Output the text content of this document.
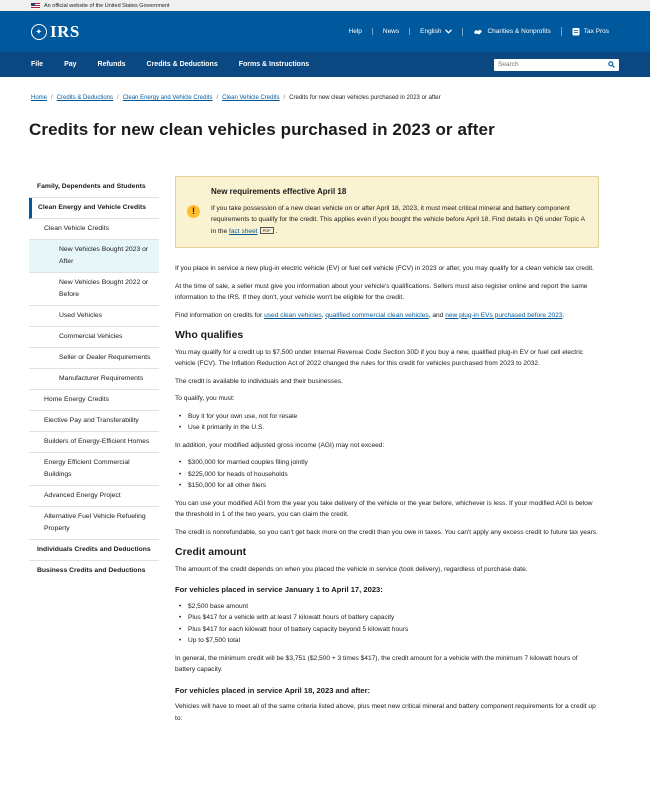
An official website of the United States Government
✦ IRS	Help	News	English	Charities & Nonprofits	Tax Pros
File	Pay	Refunds	Credits & Deductions	Forms & Instructions	Search
Home / Credits & Deductions / Clean Energy and Vehicle Credits / Clean Vehicle Credits / Credits for new clean vehicles purchased in 2023 or after
Credits for new clean vehicles purchased in 2023 or after
Family, Dependents and Students
Clean Energy and Vehicle Credits
Clean Vehicle Credits
New Vehicles Bought 2023 or After
New Vehicles Bought 2022 or Before
Used Vehicles
Commercial Vehicles
Seller or Dealer Requirements
Manufacturer Requirements
Home Energy Credits
Elective Pay and Transferability
Builders of Energy-Efficient Homes
Energy Efficient Commercial Buildings
Advanced Energy Project
Alternative Fuel Vehicle Refueling Property
Individuals Credits and Deductions
Business Credits and Deductions
!
New requirements effective April 18

If you take possession of a new clean vehicle on or after April 18, 2023, it must meet critical mineral and battery component requirements to qualify for the credit. This applies even if you bought the vehicle before April 18. Find details in Q6 under Topic A in the fact sheet PDF .

If you place in service a new plug-in electric vehicle (EV) or fuel cell vehicle (FCV) in 2023 or after, you may qualify for a clean vehicle tax credit.

At the time of sale, a seller must give you information about your vehicle's qualifications. Sellers must also register online and report the same information to the IRS. If they don't, your vehicle won't be eligible for the credit.

Find information on credits for used clean vehicles, qualified commercial clean vehicles, and new plug-in EVs purchased before 2023.

Who qualifies

You may qualify for a credit up to $7,500 under Internal Revenue Code Section 30D if you buy a new, qualified plug-in EV or fuel cell electric vehicle (FCV). The Inflation Reduction Act of 2022 changed the rules for this credit for vehicles purchased from 2023 to 2032.

The credit is available to individuals and their businesses.

To qualify, you must:

• Buy it for your own use, not for resale
• Use it primarily in the U.S.

In addition, your modified adjusted gross income (AGI) may not exceed:

• $300,000 for married couples filing jointly
• $225,000 for heads of households
• $150,000 for all other filers

You can use your modified AGI from the year you take delivery of the vehicle or the year before, whichever is less. If your modified AGI is below the threshold in 1 of the two years, you can claim the credit.

The credit is nonrefundable, so you can't get back more on the credit than you owe in taxes. You can't apply any excess credit to future tax years.

Credit amount

The amount of the credit depends on when you placed the vehicle in service (took delivery), regardless of purchase date.

For vehicles placed in service January 1 to April 17, 2023:
• $2,500 base amount
• Plus $417 for a vehicle with at least 7 kilowatt hours of battery capacity
• Plus $417 for each kilowatt hour of battery capacity beyond 5 kilowatt hours
• Up to $7,500 total

In general, the minimum credit will be $3,751 ($2,500 + 3 times $417), the credit amount for a vehicle with the minimum 7 kilowatt hours of battery capacity.

For vehicles placed in service April 18, 2023 and after:

Vehicles will have to meet all of the same criteria listed above, plus meet new critical mineral and battery component requirements for a credit up to:
